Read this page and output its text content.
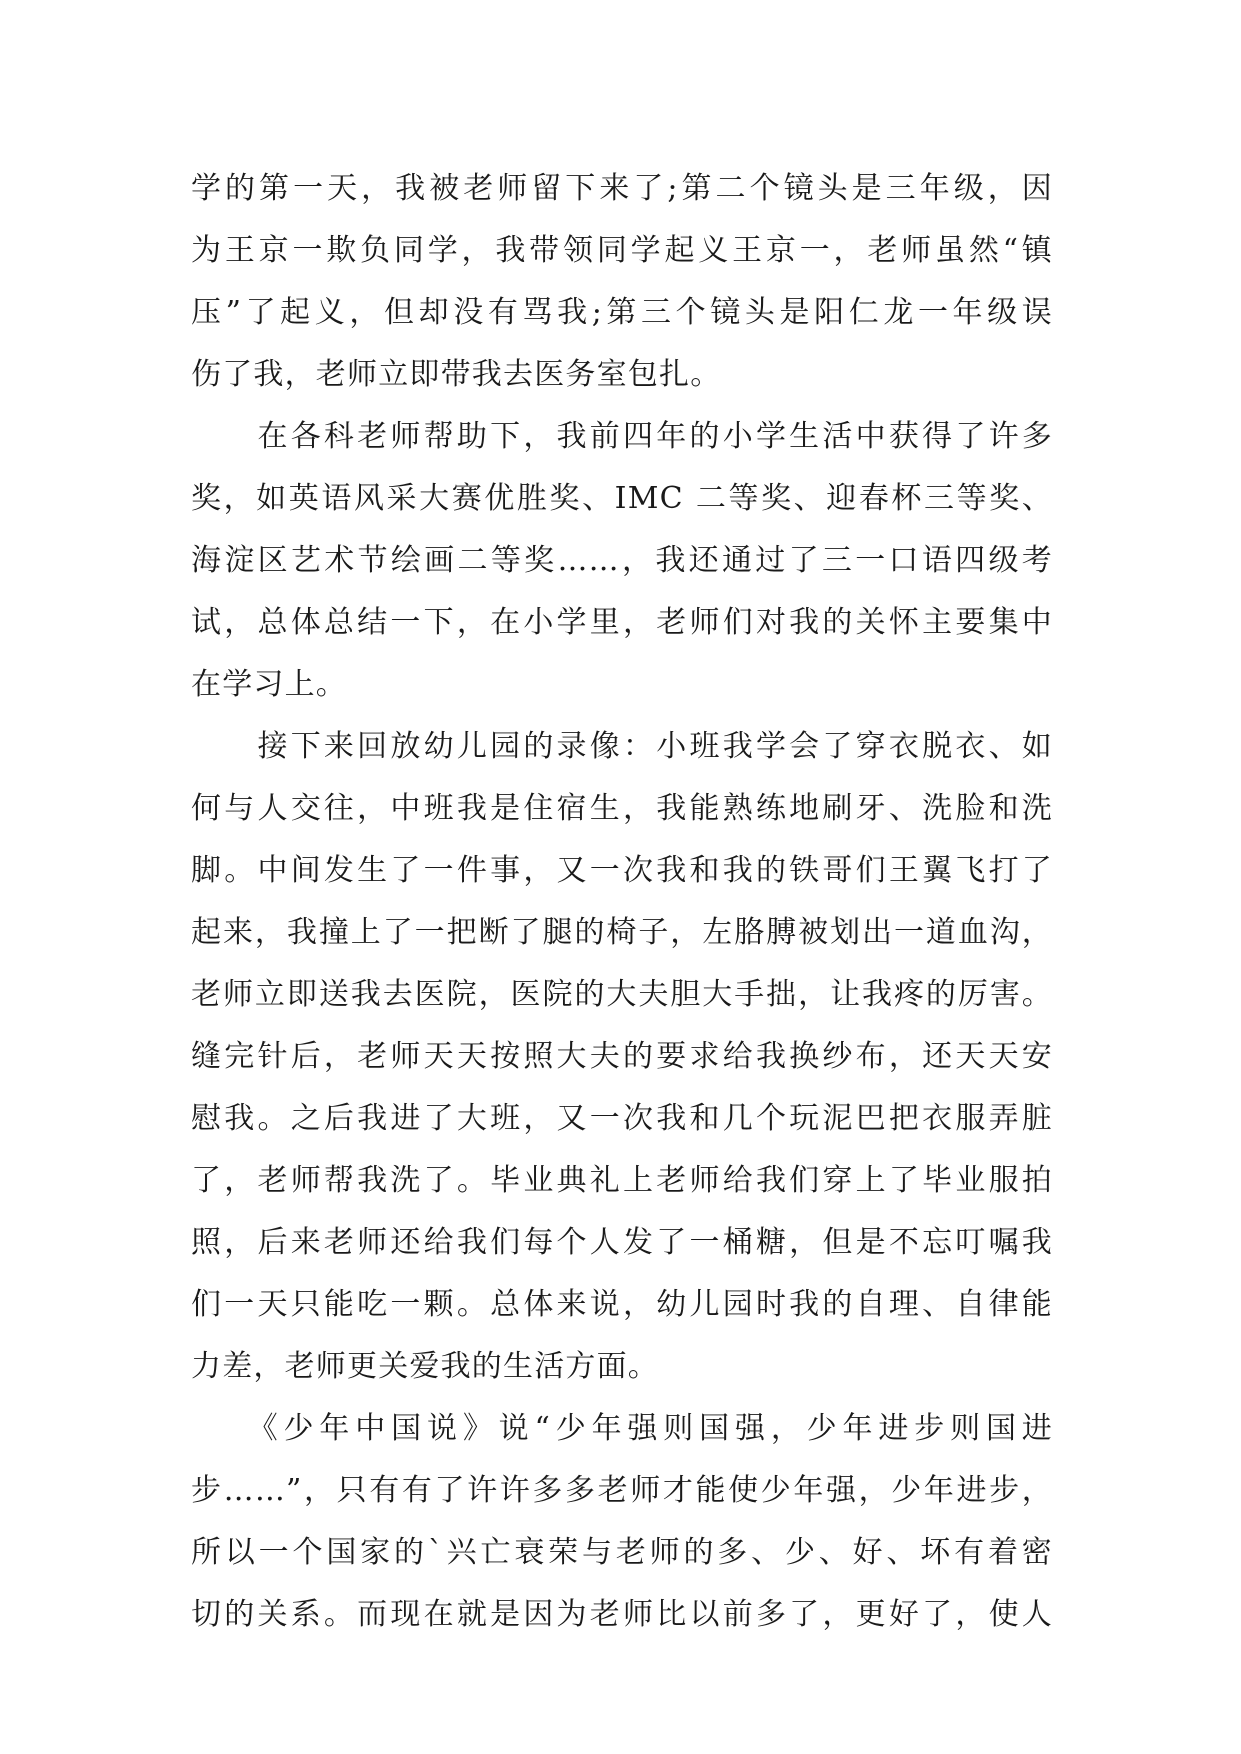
学的第一天，我被老师留下来了;第二个镜头是三年级，因
为王京一欺负同学，我带领同学起义王京一，老师虽然“镇
压”了起义，但却没有骂我;第三个镜头是阳仁龙一年级误
伤了我，老师立即带我去医务室包扎。
　　在各科老师帮助下，我前四年的小学生活中获得了许多
奖，如英语风采大赛优胜奖、IMC 二等奖、迎春杯三等奖、
海淀区艺术节绘画二等奖……，我还通过了三一口语四级考
试，总体总结一下，在小学里，老师们对我的关怀主要集中
在学习上。
　　接下来回放幼儿园的录像：小班我学会了穿衣脱衣、如
何与人交往，中班我是住宿生，我能熟练地刷牙、洗脸和洗
脚。中间发生了一件事，又一次我和我的铁哥们王翼飞打了
起来，我撞上了一把断了腿的椅子，左胳膊被划出一道血沟，
老师立即送我去医院，医院的大夫胆大手拙，让我疼的厉害。
缝完针后，老师天天按照大夫的要求给我换纱布，还天天安
慰我。之后我进了大班，又一次我和几个玩泥巴把衣服弄脏
了，老师帮我洗了。毕业典礼上老师给我们穿上了毕业服拍
照，后来老师还给我们每个人发了一桶糖，但是不忘叮嘱我
们一天只能吃一颗。总体来说，幼儿园时我的自理、自律能
力差，老师更关爱我的生活方面。
　　《少年中国说》说“少年强则国强，少年进步则国进
步……”，只有有了许许多多老师才能使少年强，少年进步，
所以一个国家的`兴亡衰荣与老师的多、少、好、坏有着密
切的关系。而现在就是因为老师比以前多了，更好了，使人
